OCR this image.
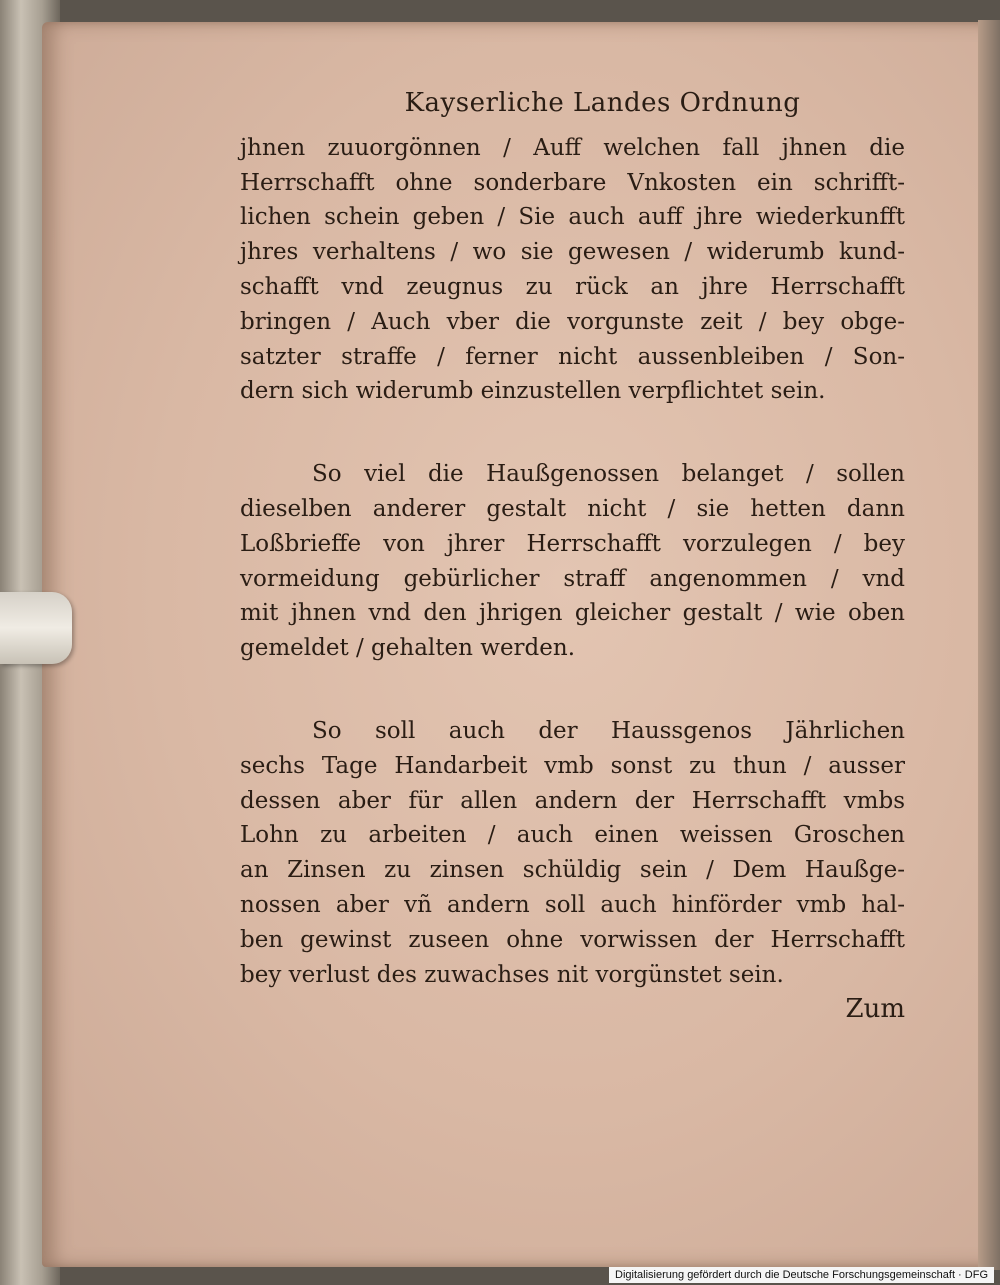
Kayserliche Landes Ordnung
jhnen zuuorgönnen / Auff welchen fall jhnen die
Herrschafft ohne sonderbare Vnkosten ein schrifft-
lichen schein geben / Sie auch auff jhre wiederkunfft
jhres verhaltens / wo sie gewesen / widerumb kund-
schafft vnd zeugnus zu rück an jhre Herrschafft
bringen / Auch vber die vorgunste zeit / bey obge-
satzter straffe / ferner nicht aussenbleiben / Son-
dern sich widerumb einzustellen verpflichtet sein.
So viel die Haußgenossen belanget / sollen
dieselben anderer gestalt nicht / sie hetten dann
Loßbrieffe von jhrer Herrschafft vorzulegen / bey
vormeidung gebürlicher straff angenommen / vnd
mit jhnen vnd den jhrigen gleicher gestalt / wie oben
gemeldet / gehalten werden.
So soll auch der Haussgenos Jährlichen
sechs Tage Handarbeit vmb sonst zu thun / ausser
dessen aber für allen andern der Herrschafft vmbs
Lohn zu arbeiten / auch einen weissen Groschen
an Zinsen zu zinsen schüldig sein / Dem Haußge-
nossen aber vñ andern soll auch hinförder vmb hal-
ben gewinst zuseen ohne vorwissen der Herrschafft
bey verlust des zuwachses nit vorgünstet sein.
Zum
Digitalisierung gefördert durch die Deutsche Forschungsgemeinschaft · DFG
